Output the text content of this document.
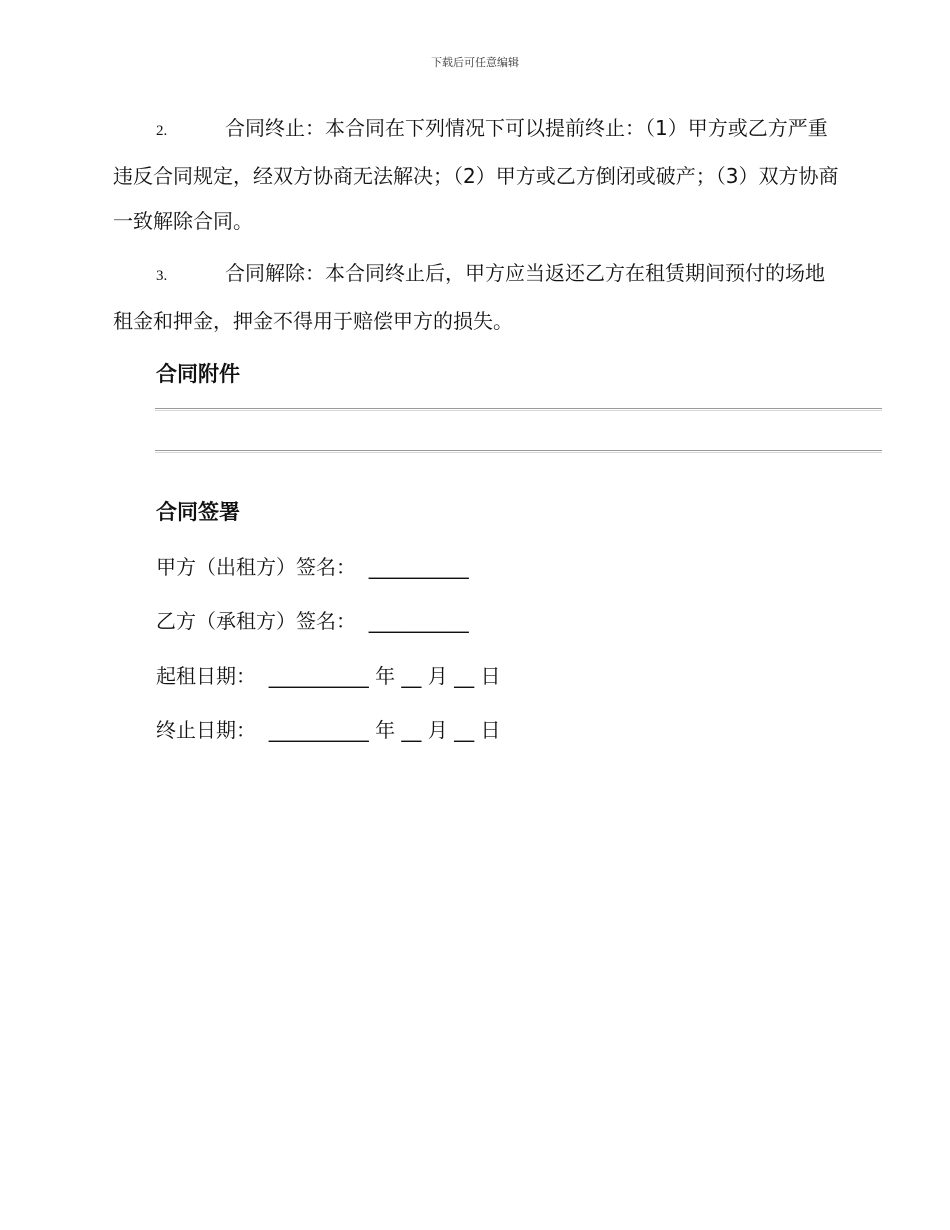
下载后可任意编辑
2.	合同终止：本合同在下列情况下可以提前终止：（1）甲方或乙方严重违反合同规定，经双方协商无法解决；（2）甲方或乙方倒闭或破产；（3）双方协商一致解除合同。
3.	合同解除：本合同终止后，甲方应当返还乙方在租赁期间预付的场地租金和押金，押金不得用于赔偿甲方的损失。
合同附件
合同签署
甲方（出租方）签名：  __________
乙方（承租方）签名：  __________
起租日期：  __________ 年 __ 月 __ 日
终止日期：  __________ 年 __ 月 __ 日
